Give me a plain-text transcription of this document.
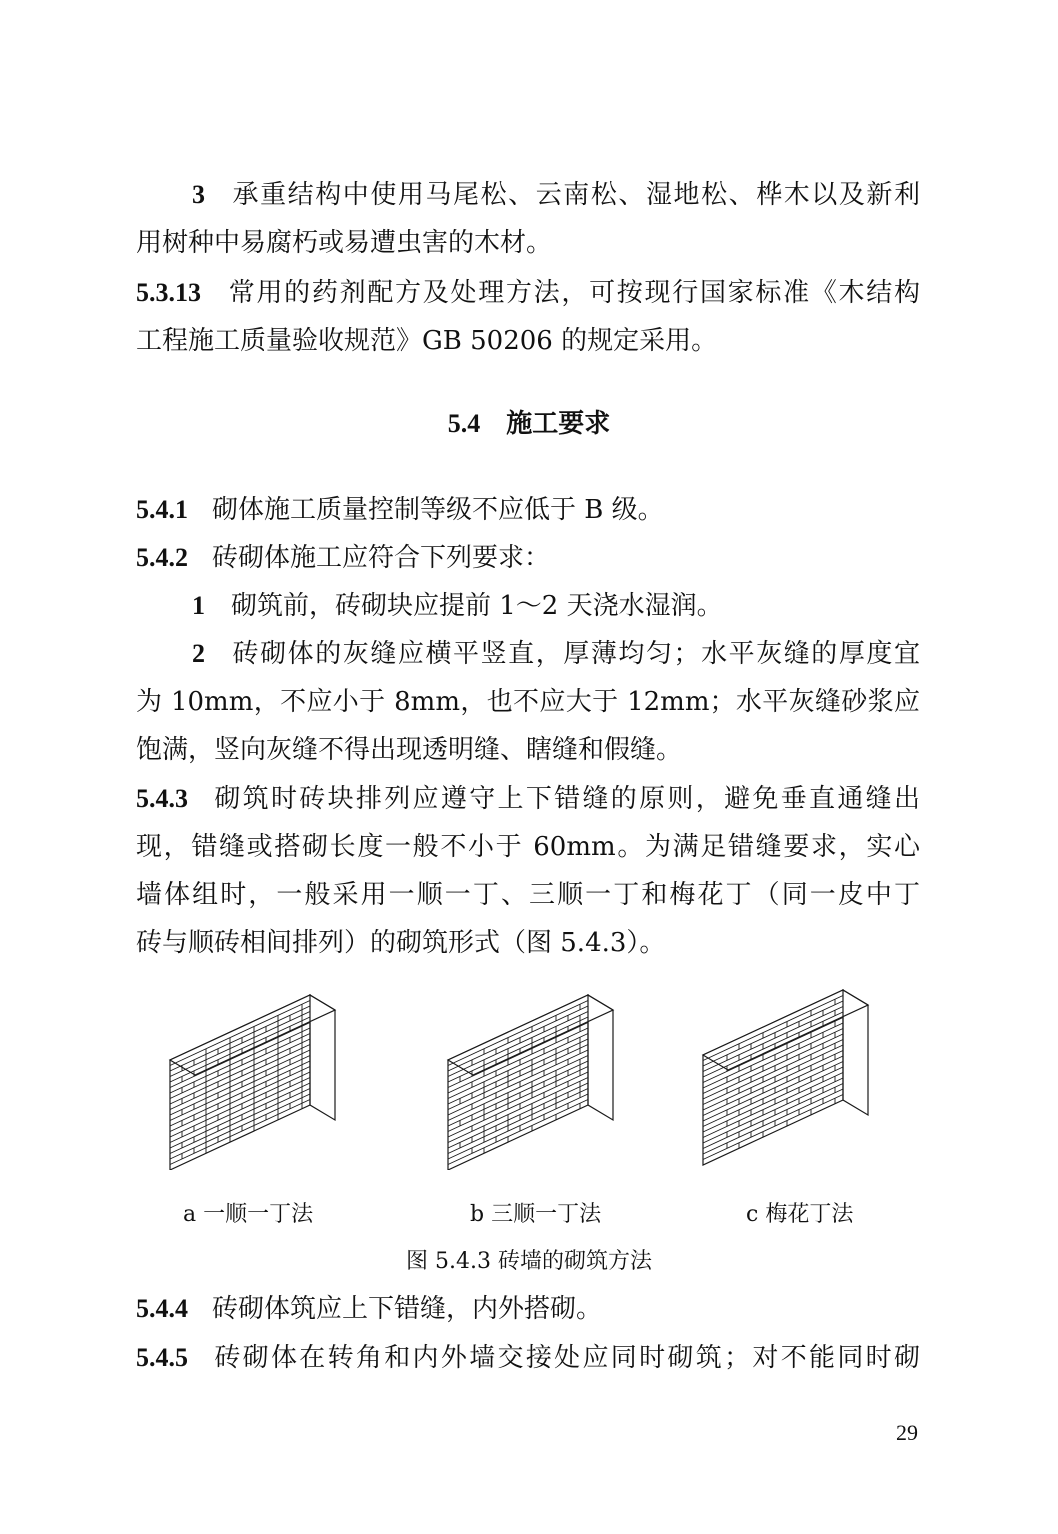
3 承重结构中使用马尾松、云南松、湿地松、桦木以及新利
用树种中易腐朽或易遭虫害的木材。
5.3.13 常用的药剂配方及处理方法，可按现行国家标准《木结构
工程施工质量验收规范》GB 50206 的规定采用。
5.4 施工要求
5.4.1 砌体施工质量控制等级不应低于 B 级。
5.4.2 砖砌体施工应符合下列要求：
1 砌筑前，砖砌块应提前 1～2 天浇水湿润。
2 砖砌体的灰缝应横平竖直，厚薄均匀；水平灰缝的厚度宜
为 10mm，不应小于 8mm，也不应大于 12mm；水平灰缝砂浆应
饱满，竖向灰缝不得出现透明缝、瞎缝和假缝。
5.4.3 砌筑时砖块排列应遵守上下错缝的原则，避免垂直通缝出
现，错缝或搭砌长度一般不小于 60mm。为满足错缝要求，实心
墙体组时，一般采用一顺一丁、三顺一丁和梅花丁（同一皮中丁
砖与顺砖相间排列）的砌筑形式（图 5.4.3）。
a 一顺一丁法	b 三顺一丁法	c 梅花丁法
图 5.4.3 砖墙的砌筑方法
5.4.4 砖砌体筑应上下错缝，内外搭砌。
5.4.5 砖砌体在转角和内外墙交接处应同时砌筑；对不能同时砌
29
